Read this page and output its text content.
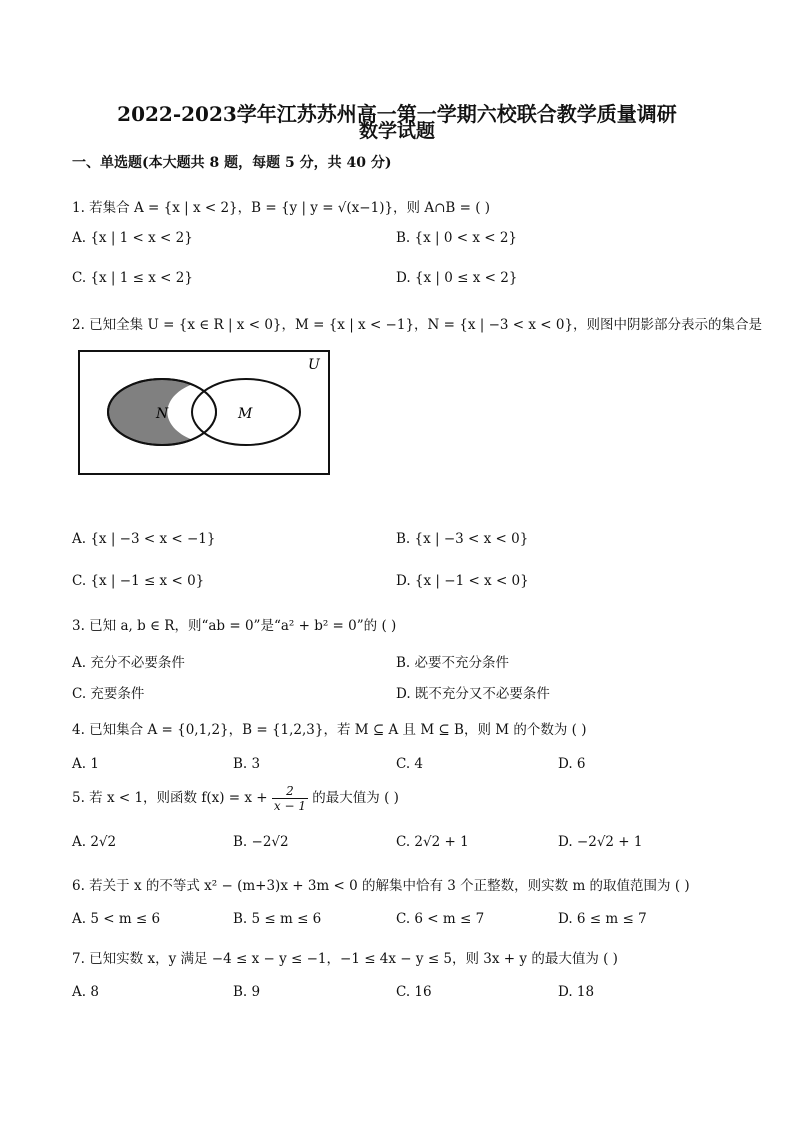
2022-2023学年江苏苏州高一第一学期六校联合教学质量调研
数学试题
一、单选题(本大题共 8 题，每题 5 分，共 40 分)
1. 若集合 A = {x | x < 2}，B = {y | y = √(x−1)}，则 A∩B = ( )
A. {x | 1 < x < 2}	B. {x | 0 < x < 2}
C. {x | 1 ≤ x < 2}	D. {x | 0 ≤ x < 2}
2. 已知全集 U = {x ∈ R | x < 0}，M = {x | x < −1}，N = {x | −3 < x < 0}，则图中阴影部分表示的集合是
U
N	M
A. {x | −3 < x < −1}	B. {x | −3 < x < 0}
C. {x | −1 ≤ x < 0}	D. {x | −1 < x < 0}
3. 已知 a, b ∈ R，则“ab = 0”是“a² + b² = 0”的 ( )
A. 充分不必要条件	B. 必要不充分条件
C. 充要条件	D. 既不充分又不必要条件
4. 已知集合 A = {0,1,2}，B = {1,2,3}，若 M ⊆ A 且 M ⊆ B，则 M 的个数为 ( )
A. 1	B. 3	C. 4	D. 6
5. 若 x < 1，则函数 $f(x) = x + \frac{2}{x - 1}$ 的最大值为 ( )
A. 2√2	B. −2√2	C. 2√2 + 1	D. −2√2 + 1
6. 若关于 x 的不等式 x² − (m+3)x + 3m < 0 的解集中恰有 3 个正整数，则实数 m 的取值范围为 ( )
A. 5 < m ≤ 6	B. 5 ≤ m ≤ 6	C. 6 < m ≤ 7	D. 6 ≤ m ≤ 7
7. 已知实数 x，y 满足 −4 ≤ x − y ≤ −1，−1 ≤ 4x − y ≤ 5，则 3x + y 的最大值为 ( )
A. 8	B. 9	C. 16	D. 18
